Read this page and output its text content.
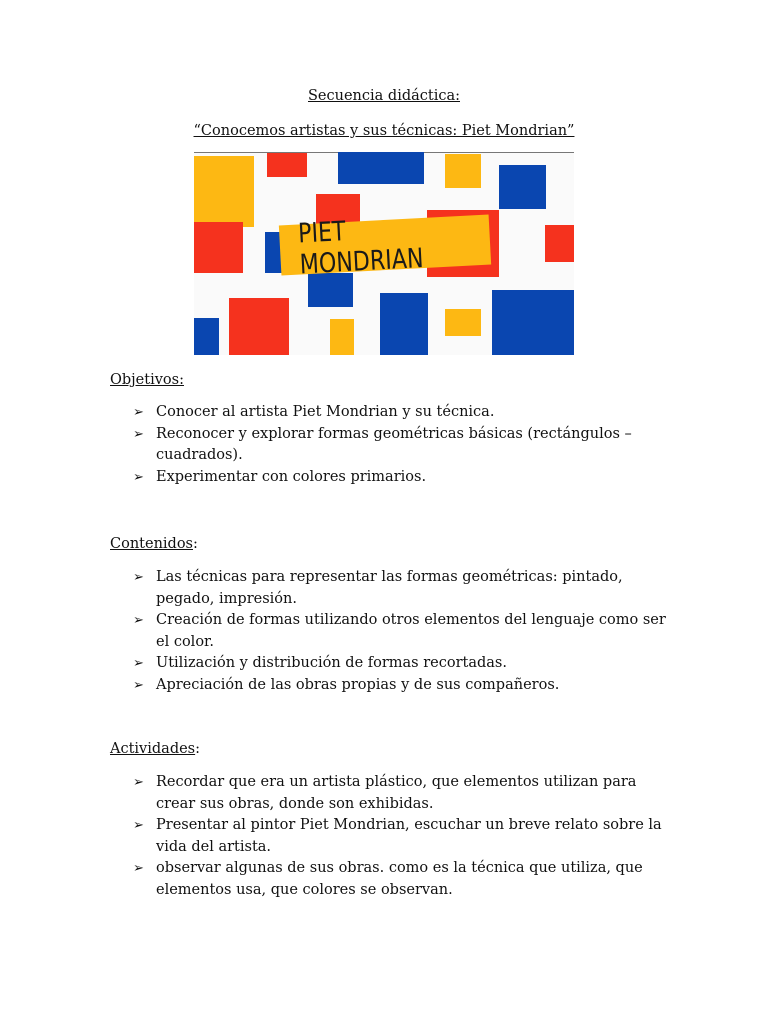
Secuencia didáctica:
“Conocemos artistas y sus técnicas: Piet Mondrian”
PIET MONDRIAN
Objetivos:
➢ Conocer al artista Piet Mondrian y su técnica.
➢ Reconocer y explorar formas geométricas básicas (rectángulos – cuadrados).
➢ Experimentar con colores primarios.
Contenidos:
➢ Las técnicas para representar las formas geométricas: pintado, pegado, impresión.
➢ Creación de formas utilizando otros elementos del lenguaje como ser el color.
➢ Utilización y distribución de formas recortadas.
➢ Apreciación de las obras propias y de sus compañeros.
Actividades:
➢ Recordar que era un artista plástico, que elementos utilizan para crear sus obras, donde son exhibidas.
➢ Presentar al pintor Piet Mondrian, escuchar un breve relato sobre la vida del artista.
➢ observar algunas de sus obras. como es la técnica que utiliza, que elementos usa, que colores se observan.
